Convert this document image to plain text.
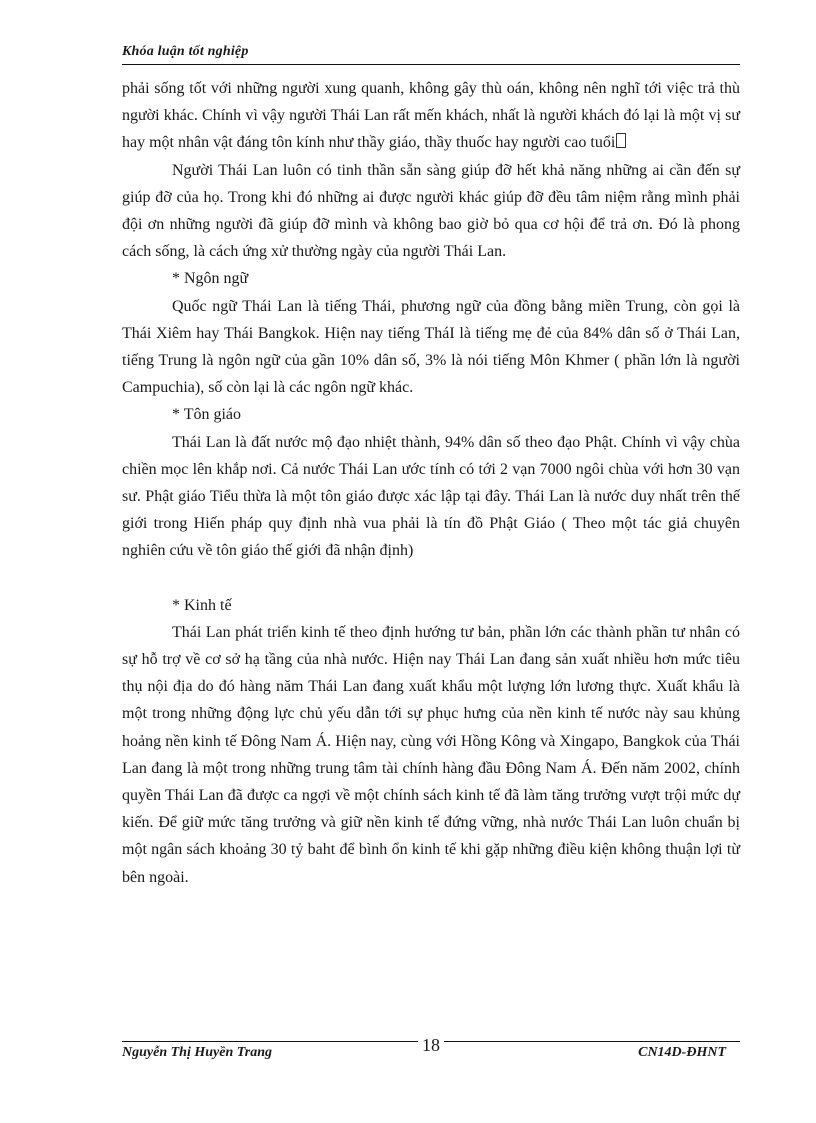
Khóa luận tốt nghiệp

phải sống tốt với những người xung quanh, không gây thù oán, không nên nghĩ tới việc trả thù người khác. Chính vì vậy người Thái Lan rất mến khách, nhất là người khách đó lại là một vị sư hay một nhân vật đáng tôn kính như thầy giáo, thầy thuốc hay người cao tuổi

Người Thái Lan luôn có tinh thần sẵn sàng giúp đỡ hết khả năng những ai cần đến sự giúp đỡ của họ. Trong khi đó những ai được người khác giúp đỡ đều tâm niệm rằng mình phải đội ơn những người đã giúp đỡ mình và không bao giờ bỏ qua cơ hội để trả ơn. Đó là phong cách sống, là cách ứng xử thường ngày của người Thái Lan.

* Ngôn ngữ

Quốc ngữ Thái Lan là tiếng Thái, phương ngữ của đồng bằng miền Trung, còn gọi là Thái Xiêm hay Thái Bangkok. Hiện nay tiếng TháI là tiếng mẹ đẻ của 84% dân số ở Thái Lan, tiếng Trung là ngôn ngữ của gần 10% dân số, 3% là nói tiếng Môn Khmer ( phần lớn là người Campuchia), số còn lại là các ngôn ngữ khác.

* Tôn giáo

Thái Lan là đất nước mộ đạo nhiệt thành, 94% dân số theo đạo Phật. Chính vì vậy chùa chiền mọc lên khắp nơi. Cả nước Thái Lan ước tính có tới 2 vạn 7000 ngôi chùa với hơn 30 vạn sư. Phật giáo Tiểu thừa là một tôn giáo được xác lập tại đây. Thái Lan là nước duy nhất trên thế giới trong Hiến pháp quy định nhà vua phải là tín đồ Phật Giáo ( Theo một tác giả chuyên nghiên cứu về tôn giáo thế giới đã nhận định)

* Kinh tế

Thái Lan phát triển kinh tế theo định hướng tư bản, phần lớn các thành phần tư nhân có sự hỗ trợ về cơ sở hạ tầng của nhà nước. Hiện nay Thái Lan đang sản xuất nhiều hơn mức tiêu thụ nội địa do đó hàng năm Thái Lan đang xuất khẩu một lượng lớn lương thực. Xuất khẩu là một trong những động lực chủ yếu dẫn tới sự phục hưng của nền kinh tế nước này sau khủng hoảng nền kinh tế Đông Nam Á. Hiện nay, cùng với Hồng Kông và Xingapo, Bangkok của Thái Lan đang là một trong những trung tâm tài chính hàng đầu Đông Nam Á. Đến năm 2002, chính quyền Thái Lan đã được ca ngợi về một chính sách kinh tế đã làm tăng trưởng vượt trội mức dự kiến. Để giữ mức tăng trưởng và giữ nền kinh tế đứng vững, nhà nước Thái Lan luôn chuẩn bị một ngân sách khoảng 30 tỷ baht để bình ổn kinh tế khi gặp những điều kiện không thuận lợi từ bên ngoài.

Nguyễn Thị Huyền Trang	18	CN14D-ĐHNT
